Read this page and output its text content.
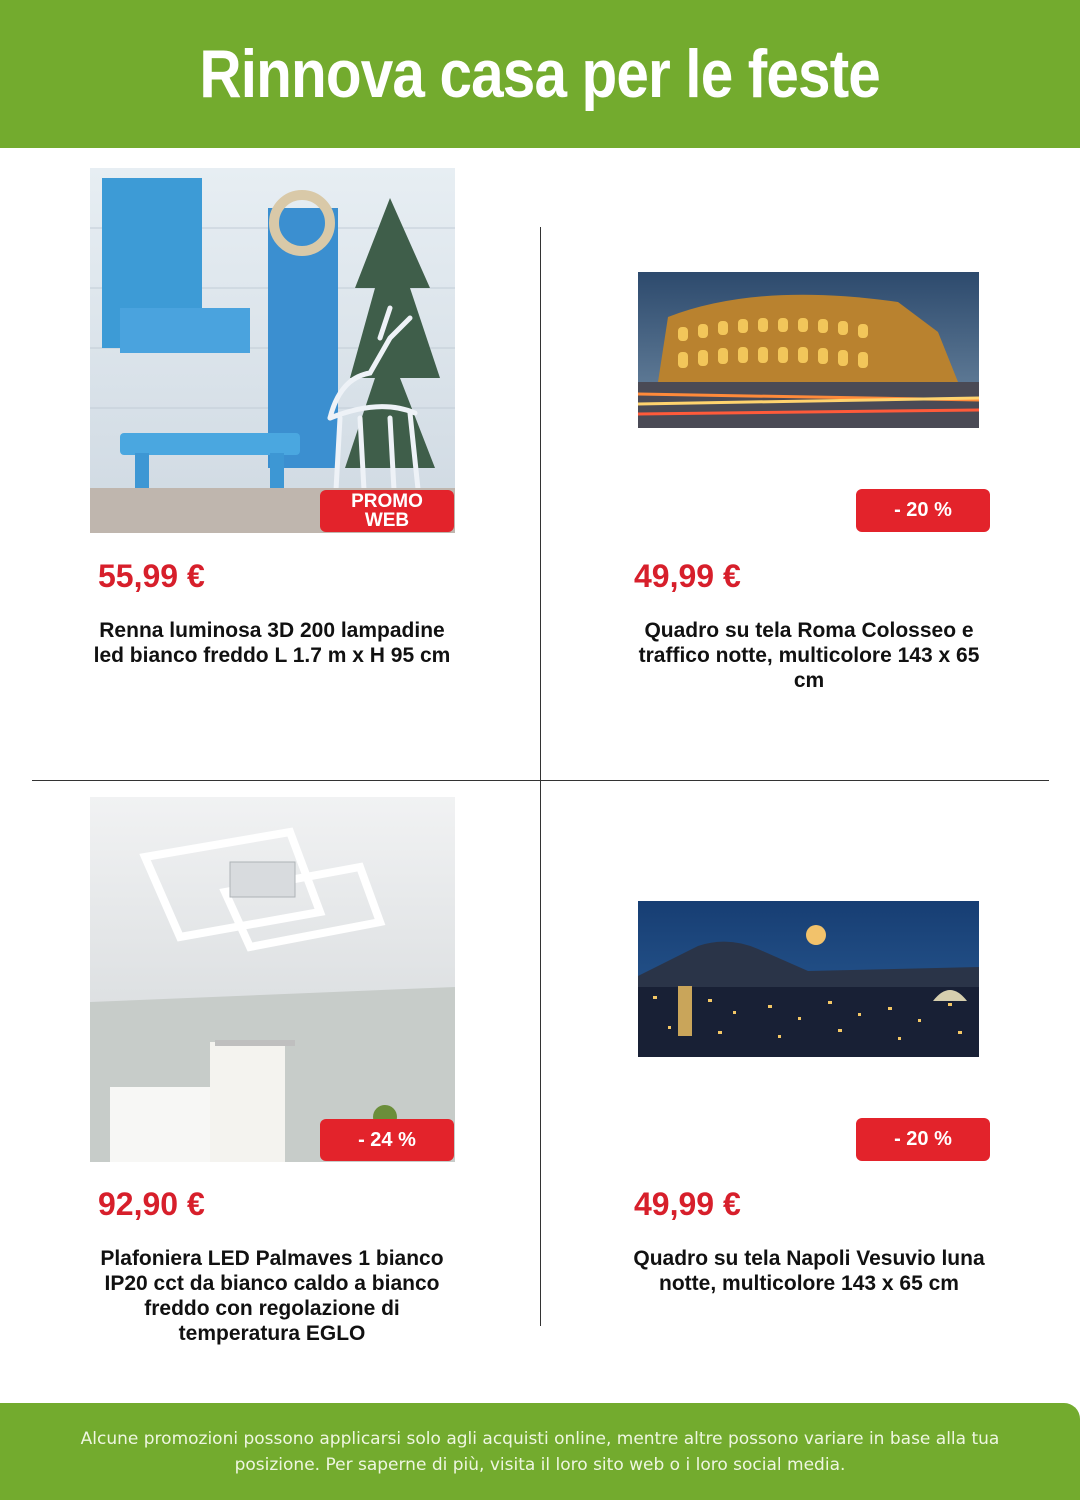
Rinnova casa per le feste
PROMO
WEB
55,99 €
Renna luminosa 3D 200 lampadine led bianco freddo L 1.7 m x H 95 cm
- 20 %
49,99 €
Quadro su tela Roma Colosseo e traffico notte, multicolore 143 x 65 cm
- 24 %
92,90 €
Plafoniera LED Palmaves 1 bianco IP20 cct da bianco caldo a bianco freddo con regolazione di temperatura EGLO
- 20 %
49,99 €
Quadro su tela Napoli Vesuvio luna notte, multicolore 143 x 65 cm

Alcune promozioni possono applicarsi solo agli acquisti online, mentre altre possono variare in base alla tua posizione. Per saperne di più, visita il loro sito web o i loro social media.
